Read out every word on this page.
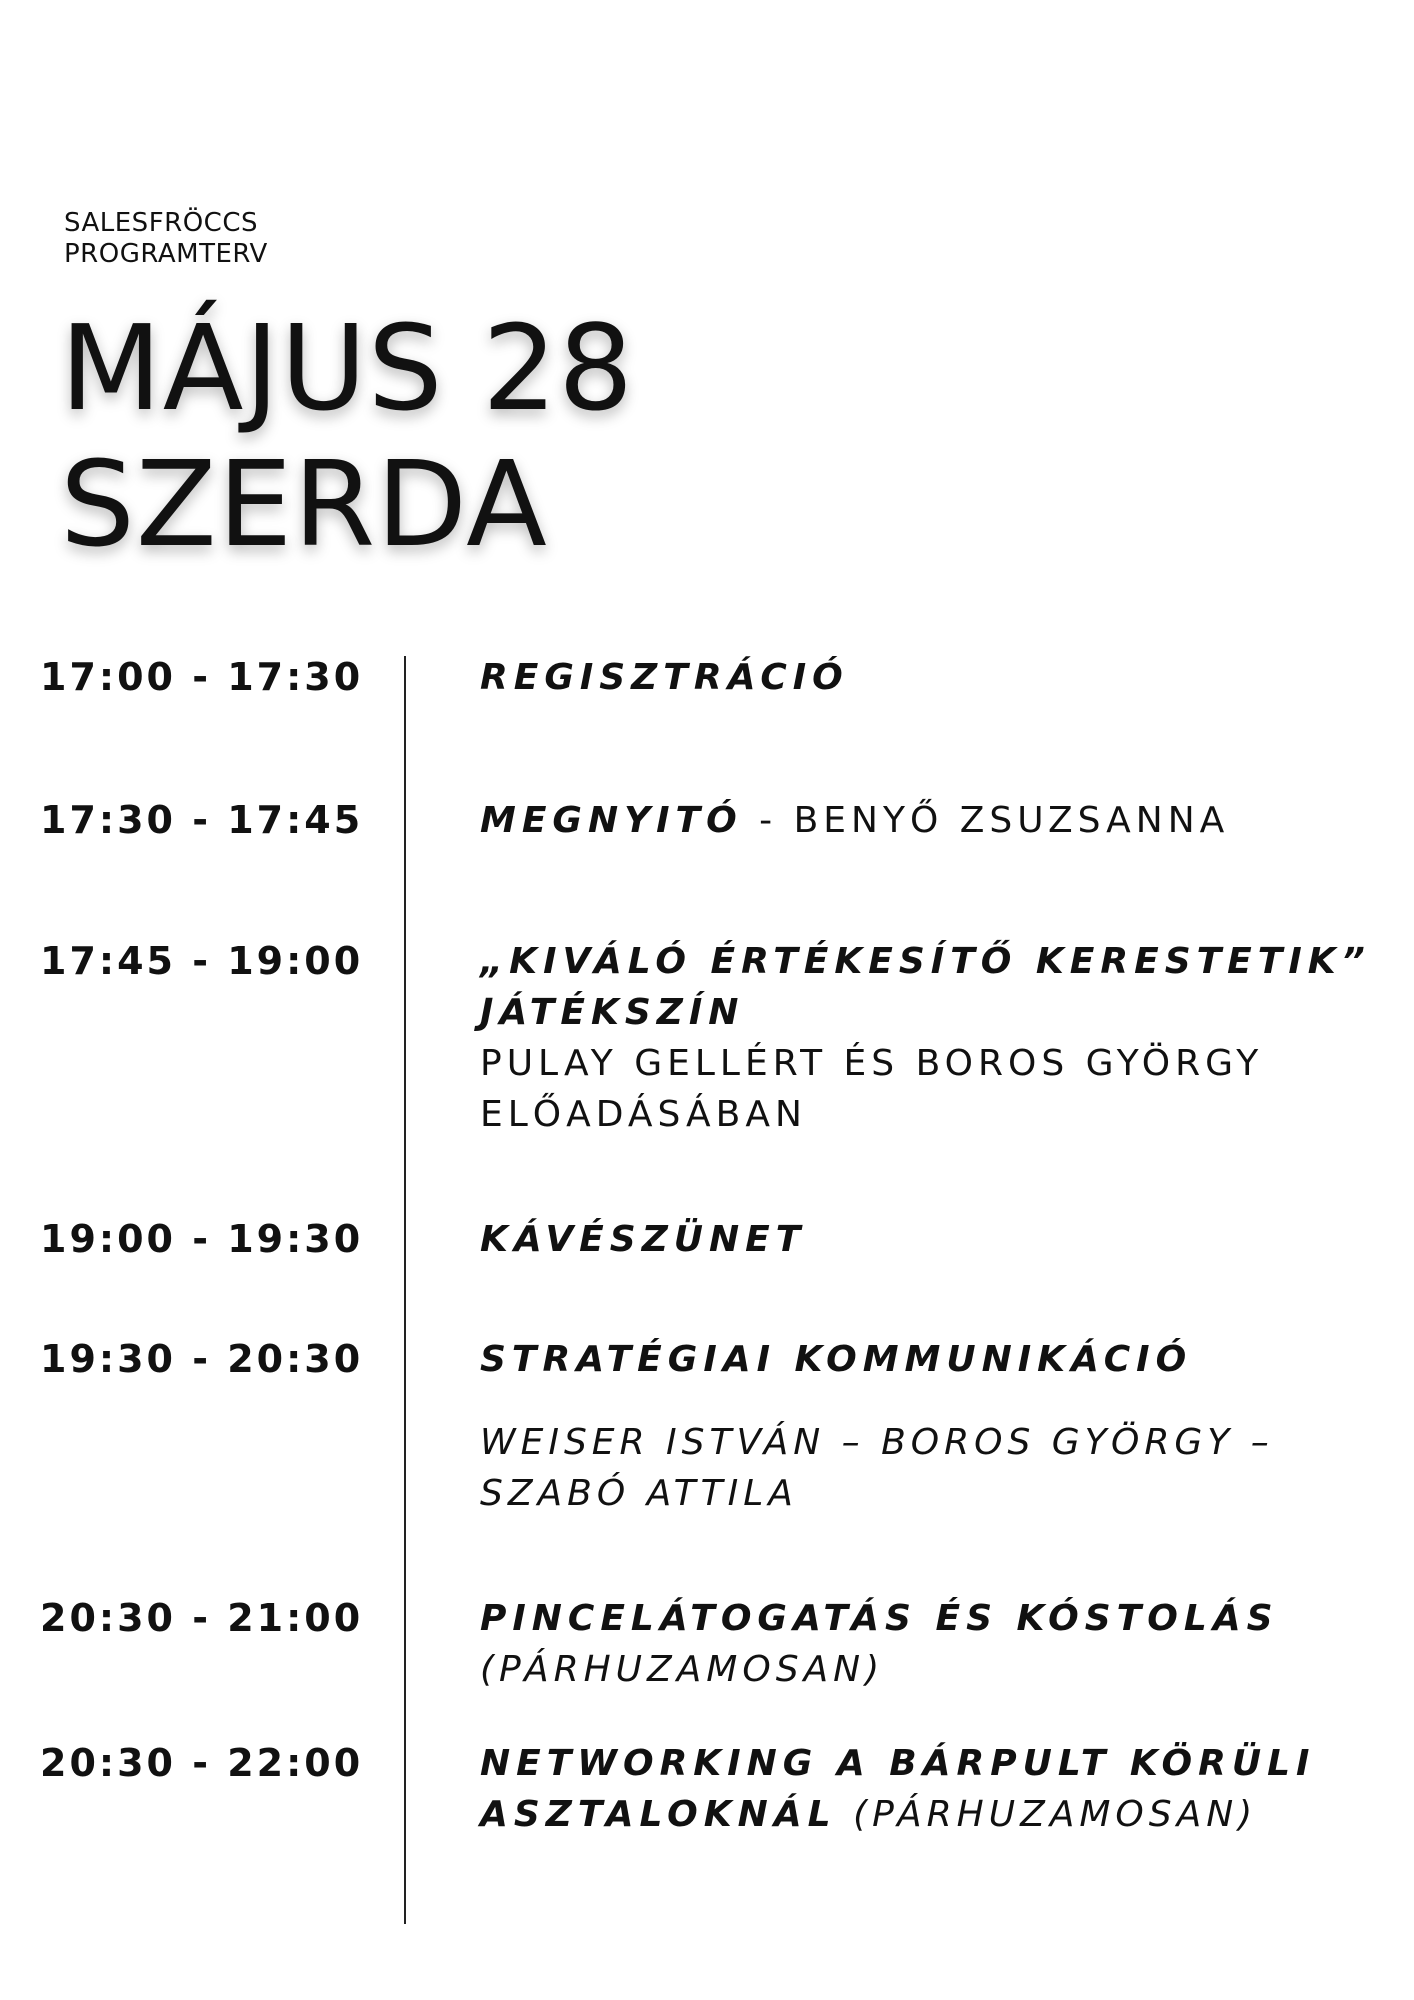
SALESFRÖCCS
PROGRAMTERV
MÁJUS 28
SZERDA
17:00 - 17:30	REGISZTRÁCIÓ
17:30 - 17:45	MEGNYITÓ - BENYŐ ZSUZSANNA
17:45 - 19:00	„KIVÁLÓ ÉRTÉKESÍTŐ KERESTETIK”
JÁTÉKSZÍN
PULAY GELLÉRT ÉS BOROS GYÖRGY
ELŐADÁSÁBAN
19:00 - 19:30	KÁVÉSZÜNET
19:30 - 20:30	STRATÉGIAI KOMMUNIKÁCIÓ
WEISER ISTVÁN – BOROS GYÖRGY –
SZABÓ ATTILA
20:30 - 21:00	PINCELÁTOGATÁS ÉS KÓSTOLÁS
(PÁRHUZAMOSAN)
20:30 - 22:00	NETWORKING A BÁRPULT KÖRÜLI
ASZTALOKNÁL (PÁRHUZAMOSAN)
